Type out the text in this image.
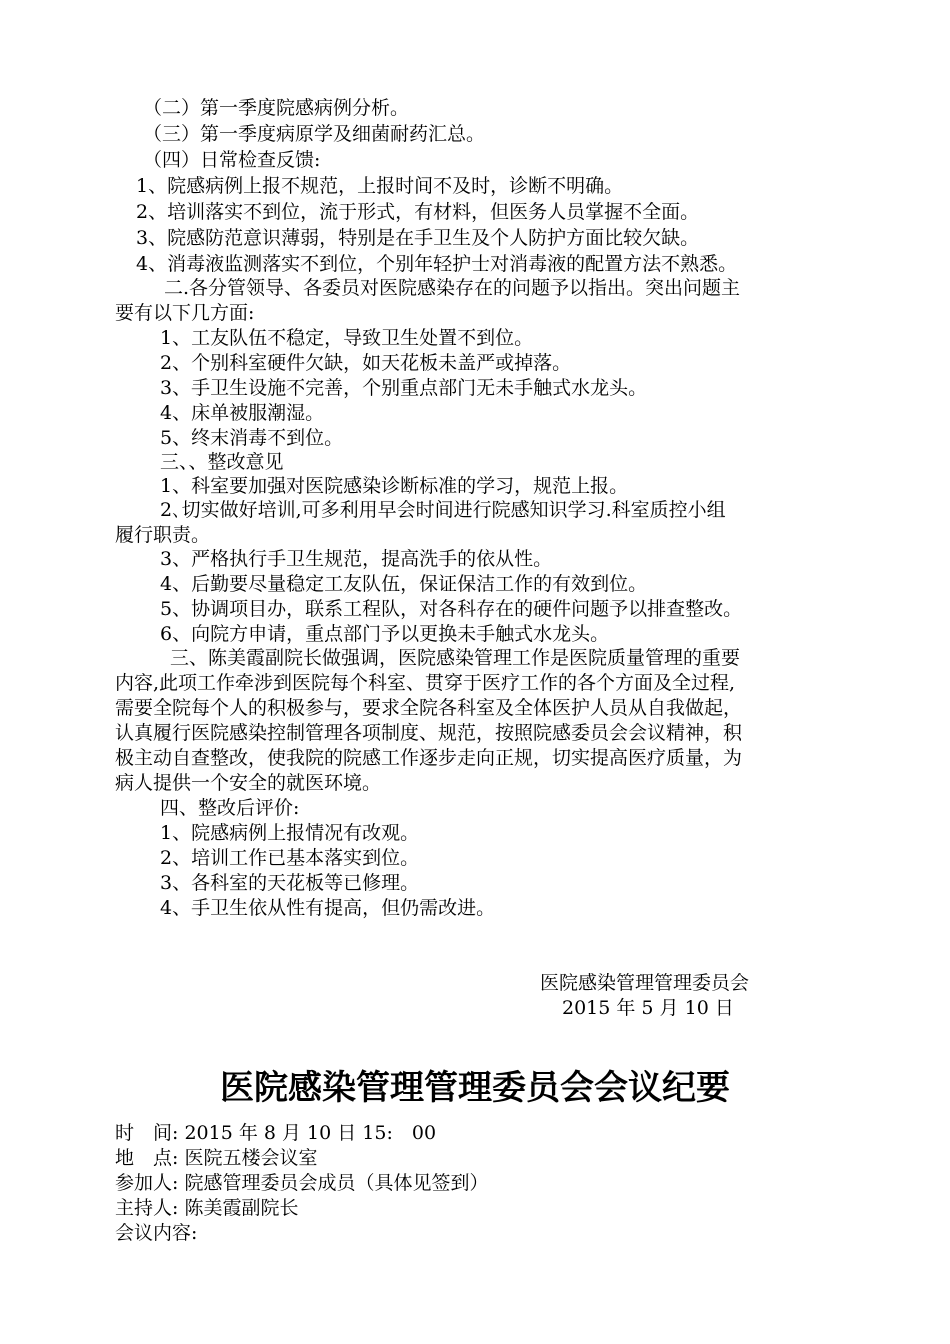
（二）第一季度院感病例分析。
（三）第一季度病原学及细菌耐药汇总。
（四）日常检查反馈:
1、院感病例上报不规范，上报时间不及时，诊断不明确。
2、培训落实不到位，流于形式，有材料，但医务人员掌握不全面。
3、院感防范意识薄弱，特别是在手卫生及个人防护方面比较欠缺。
4、消毒液监测落实不到位，个别年轻护士对消毒液的配置方法不熟悉。
二.各分管领导、各委员对医院感染存在的问题予以指出。突出问题主
要有以下几方面:
1、工友队伍不稳定，导致卫生处置不到位。
2、个别科室硬件欠缺，如天花板未盖严或掉落。
3、手卫生设施不完善，个别重点部门无未手触式水龙头。
4、床单被服潮湿。
5、终末消毒不到位。
三、、整改意见
1、科室要加强对医院感染诊断标准的学习，规范上报。
2､切实做好培训,可多利用早会时间进行院感知识学习.科室质控小组
履行职责。
3、严格执行手卫生规范，提高洗手的依从性。
4、后勤要尽量稳定工友队伍，保证保洁工作的有效到位。
5、协调项目办，联系工程队，对各科存在的硬件问题予以排查整改。
6、向院方申请，重点部门予以更换未手触式水龙头。
三、陈美霞副院长做强调，医院感染管理工作是医院质量管理的重要
内容,此项工作牵涉到医院每个科室、贯穿于医疗工作的各个方面及全过程,
需要全院每个人的积极参与，要求全院各科室及全体医护人员从自我做起，
认真履行医院感染控制管理各项制度、规范，按照院感委员会会议精神，积
极主动自查整改，使我院的院感工作逐步走向正规，切实提高医疗质量，为
病人提供一个安全的就医环境。
四、整改后评价:
1、院感病例上报情况有改观。
2、培训工作已基本落实到位。
3、各科室的天花板等已修理。
4、手卫生依从性有提高，但仍需改进。
医院感染管理管理委员会
2015 年 5 月 10 日
医院感染管理管理委员会会议纪要
时　间: 2015 年 8 月 10 日 15:　00
地　点: 医院五楼会议室
参加人: 院感管理委员会成员（具体见签到）
主持人: 陈美霞副院长
会议内容:
